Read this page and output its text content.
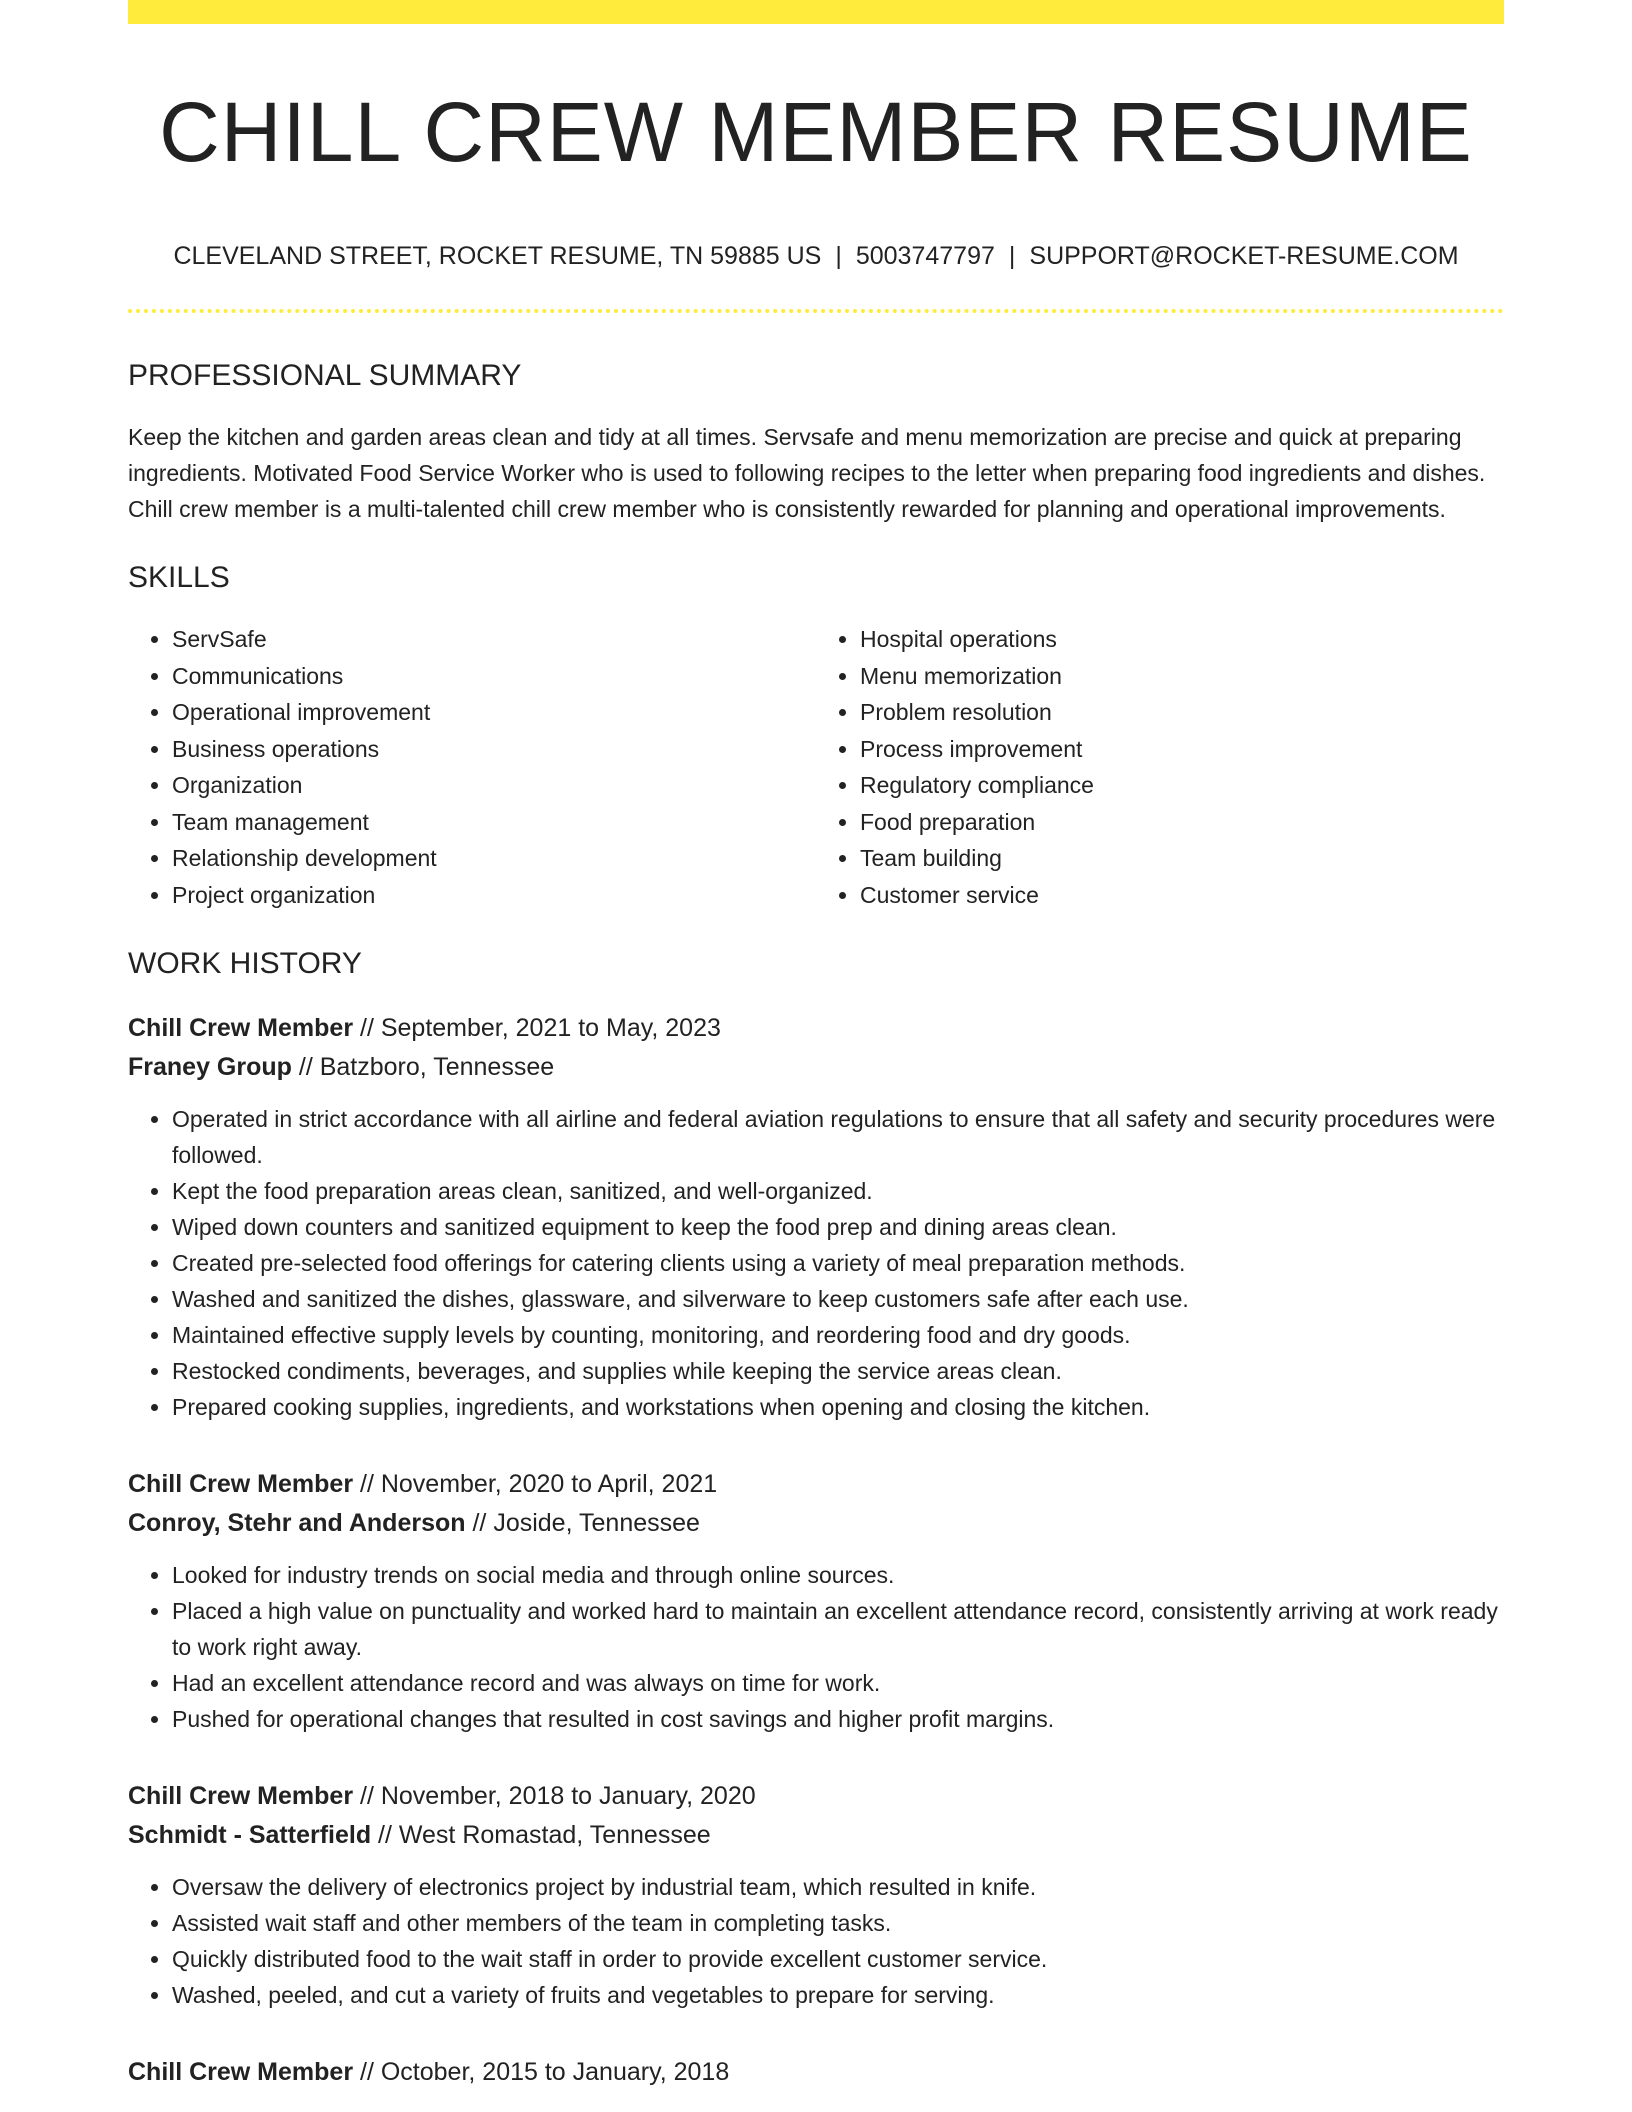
CHILL CREW MEMBER RESUME
CLEVELAND STREET, ROCKET RESUME, TN 59885 US | 5003747797 | SUPPORT@ROCKET-RESUME.COM
PROFESSIONAL SUMMARY
Keep the kitchen and garden areas clean and tidy at all times. Servsafe and menu memorization are precise and quick at preparing ingredients. Motivated Food Service Worker who is used to following recipes to the letter when preparing food ingredients and dishes. Chill crew member is a multi-talented chill crew member who is consistently rewarded for planning and operational improvements.
SKILLS
• ServSafe
• Communications
• Operational improvement
• Business operations
• Organization
• Team management
• Relationship development
• Project organization
• Hospital operations
• Menu memorization
• Problem resolution
• Process improvement
• Regulatory compliance
• Food preparation
• Team building
• Customer service
WORK HISTORY
Chill Crew Member // September, 2021 to May, 2023
Franey Group // Batzboro, Tennessee
• Operated in strict accordance with all airline and federal aviation regulations to ensure that all safety and security procedures were followed.
• Kept the food preparation areas clean, sanitized, and well-organized.
• Wiped down counters and sanitized equipment to keep the food prep and dining areas clean.
• Created pre-selected food offerings for catering clients using a variety of meal preparation methods.
• Washed and sanitized the dishes, glassware, and silverware to keep customers safe after each use.
• Maintained effective supply levels by counting, monitoring, and reordering food and dry goods.
• Restocked condiments, beverages, and supplies while keeping the service areas clean.
• Prepared cooking supplies, ingredients, and workstations when opening and closing the kitchen.
Chill Crew Member // November, 2020 to April, 2021
Conroy, Stehr and Anderson // Joside, Tennessee
• Looked for industry trends on social media and through online sources.
• Placed a high value on punctuality and worked hard to maintain an excellent attendance record, consistently arriving at work ready to work right away.
• Had an excellent attendance record and was always on time for work.
• Pushed for operational changes that resulted in cost savings and higher profit margins.
Chill Crew Member // November, 2018 to January, 2020
Schmidt - Satterfield // West Romastad, Tennessee
• Oversaw the delivery of electronics project by industrial team, which resulted in knife.
• Assisted wait staff and other members of the team in completing tasks.
• Quickly distributed food to the wait staff in order to provide excellent customer service.
• Washed, peeled, and cut a variety of fruits and vegetables to prepare for serving.
Chill Crew Member // October, 2015 to January, 2018
